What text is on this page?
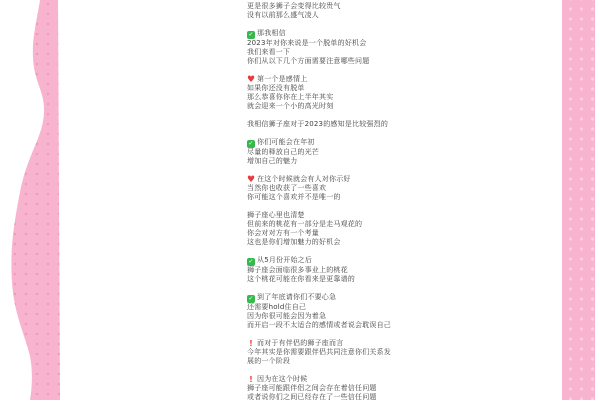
更是很多狮子会变得比较贵气
没有以前那么盛气凌人
✓ 那我相信
2023年对你来说是一个脱单的好机会
我们来看一下
你们从以下几个方面需要注意哪些问题
♥ 第一个是感情上
如果你还没有脱单
那么恭喜你你在上半年其实
就会迎来一个小的高光时刻
我相信狮子座对于2023的感知是比较强烈的
✓ 你们可能会在年初
尽量的释放自己的光芒
增加自己的魅力
♥ 在这个时候就会有人对你示好
当然你也收获了一些喜欢
你可能这个喜欢并不是唯一的
狮子座心里也清楚
但前来的桃花有一部分是走马观花的
你会对对方有一个考量
这也是你们增加魅力的好机会
✓ 从5月份开始之后
狮子座会面临很多事业上的桃花
这个桃花可能在你看来是更靠谱的
✓ 到了年底请你们不要心急
还需要hold住自己
因为你很可能会因为着急
而开启一段不太适合的感情或者说会耽误自己
! 而对于有伴侣的狮子座而言
今年其实是你需要跟伴侣共同注意你们关系发
展的一个阶段
! 因为在这个时候
狮子座可能跟伴侣之间会存在着信任问题
或者说你们之间已经存在了一些信任问题
